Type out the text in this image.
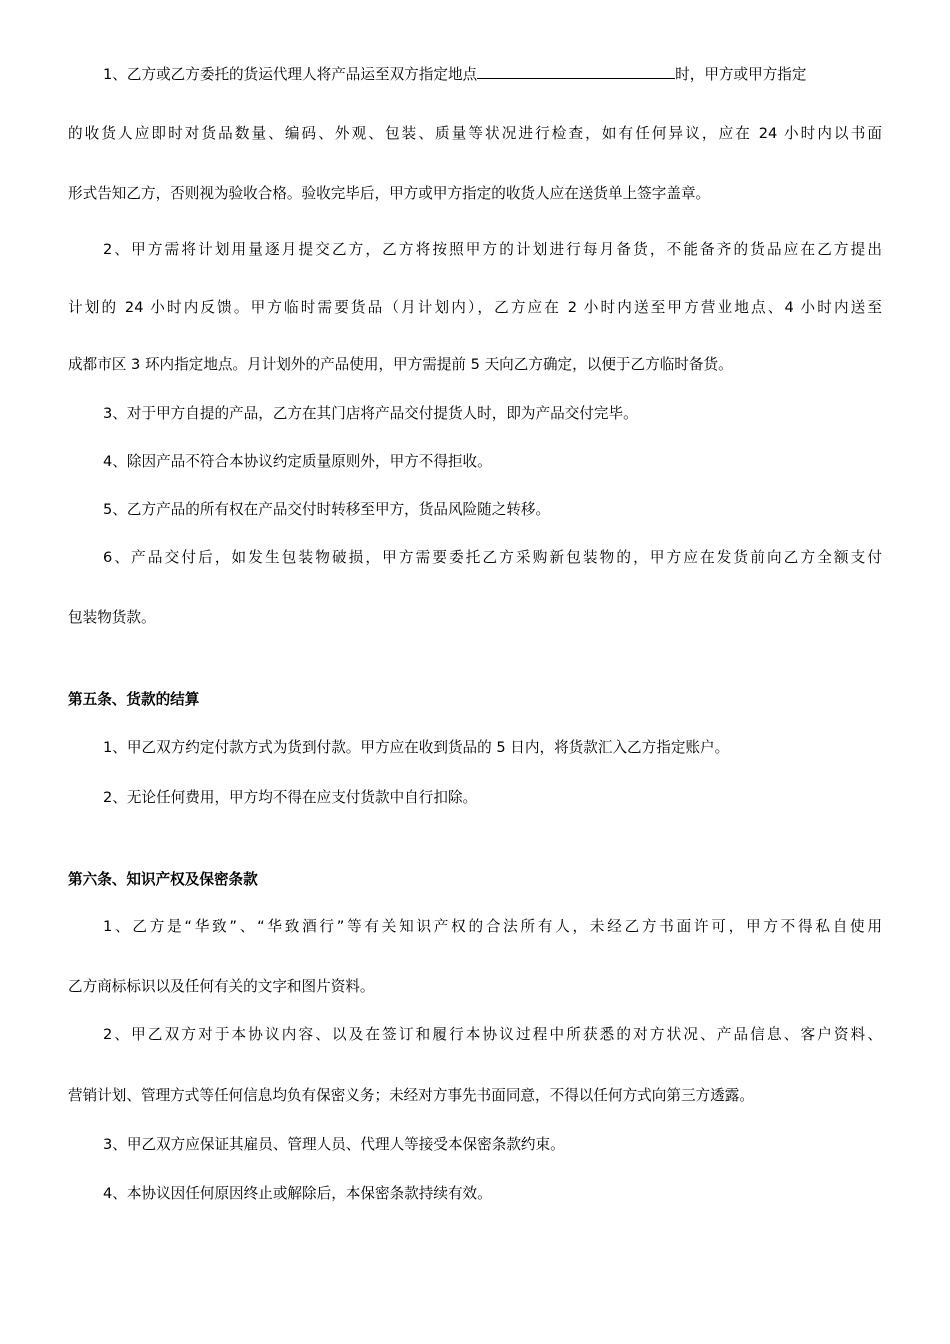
1、乙方或乙方委托的货运代理人将产品运至双方指定地点	时，甲方或甲方指定
的收货人应即时对货品数量、编码、外观、包装、质量等状况进行检查，如有任何异议，应在 24 小时内以书面
形式告知乙方，否则视为验收合格。验收完毕后，甲方或甲方指定的收货人应在送货单上签字盖章。
2、甲方需将计划用量逐月提交乙方，乙方将按照甲方的计划进行每月备货，不能备齐的货品应在乙方提出
计划的 24 小时内反馈。甲方临时需要货品（月计划内），乙方应在 2 小时内送至甲方营业地点、4 小时内送至
成都市区 3 环内指定地点。月计划外的产品使用，甲方需提前 5 天向乙方确定，以便于乙方临时备货。
3、对于甲方自提的产品，乙方在其门店将产品交付提货人时，即为产品交付完毕。
4、除因产品不符合本协议约定质量原则外，甲方不得拒收。
5、乙方产品的所有权在产品交付时转移至甲方，货品风险随之转移。
6、产品交付后，如发生包装物破损，甲方需要委托乙方采购新包装物的，甲方应在发货前向乙方全额支付
包装物货款。
第五条、货款的结算
1、甲乙双方约定付款方式为货到付款。甲方应在收到货品的 5 日内，将货款汇入乙方指定账户。
2、无论任何费用，甲方均不得在应支付货款中自行扣除。
第六条、知识产权及保密条款
1、乙方是“华致”、“华致酒行”等有关知识产权的合法所有人，未经乙方书面许可，甲方不得私自使用
乙方商标标识以及任何有关的文字和图片资料。
2、甲乙双方对于本协议内容、以及在签订和履行本协议过程中所获悉的对方状况、产品信息、客户资料、
营销计划、管理方式等任何信息均负有保密义务；未经对方事先书面同意，不得以任何方式向第三方透露。
3、甲乙双方应保证其雇员、管理人员、代理人等接受本保密条款约束。
4、本协议因任何原因终止或解除后，本保密条款持续有效。
